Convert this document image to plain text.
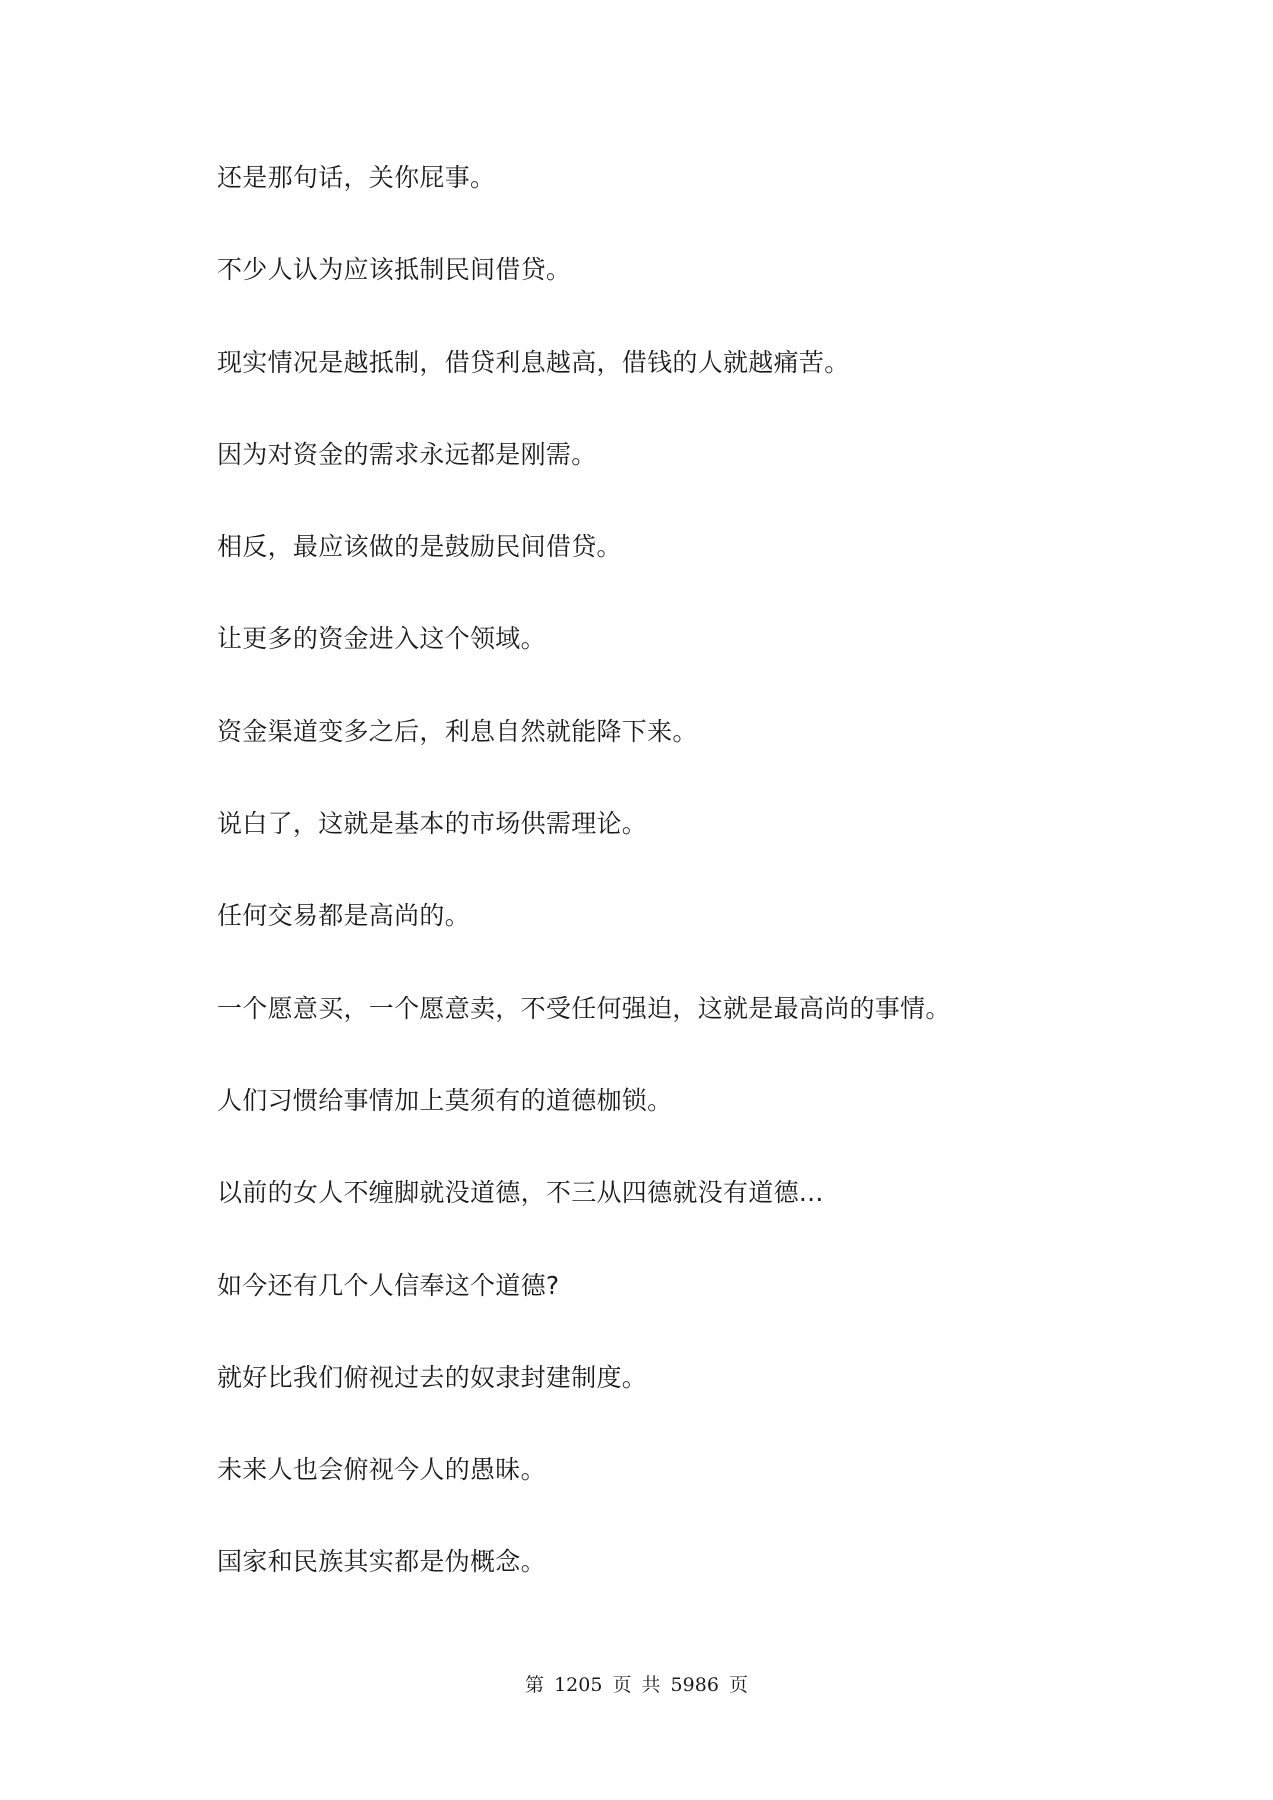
还是那句话，关你屁事。

不少人认为应该抵制民间借贷。

现实情况是越抵制，借贷利息越高，借钱的人就越痛苦。

因为对资金的需求永远都是刚需。

相反，最应该做的是鼓励民间借贷。

让更多的资金进入这个领域。

资金渠道变多之后，利息自然就能降下来。

说白了，这就是基本的市场供需理论。

任何交易都是高尚的。

一个愿意买，一个愿意卖，不受任何强迫，这就是最高尚的事情。

人们习惯给事情加上莫须有的道德枷锁。

以前的女人不缠脚就没道德，不三从四德就没有道德...

如今还有几个人信奉这个道德?

就好比我们俯视过去的奴隶封建制度。

未来人也会俯视今人的愚昧。

国家和民族其实都是伪概念。

第 1205 页 共 5986 页
